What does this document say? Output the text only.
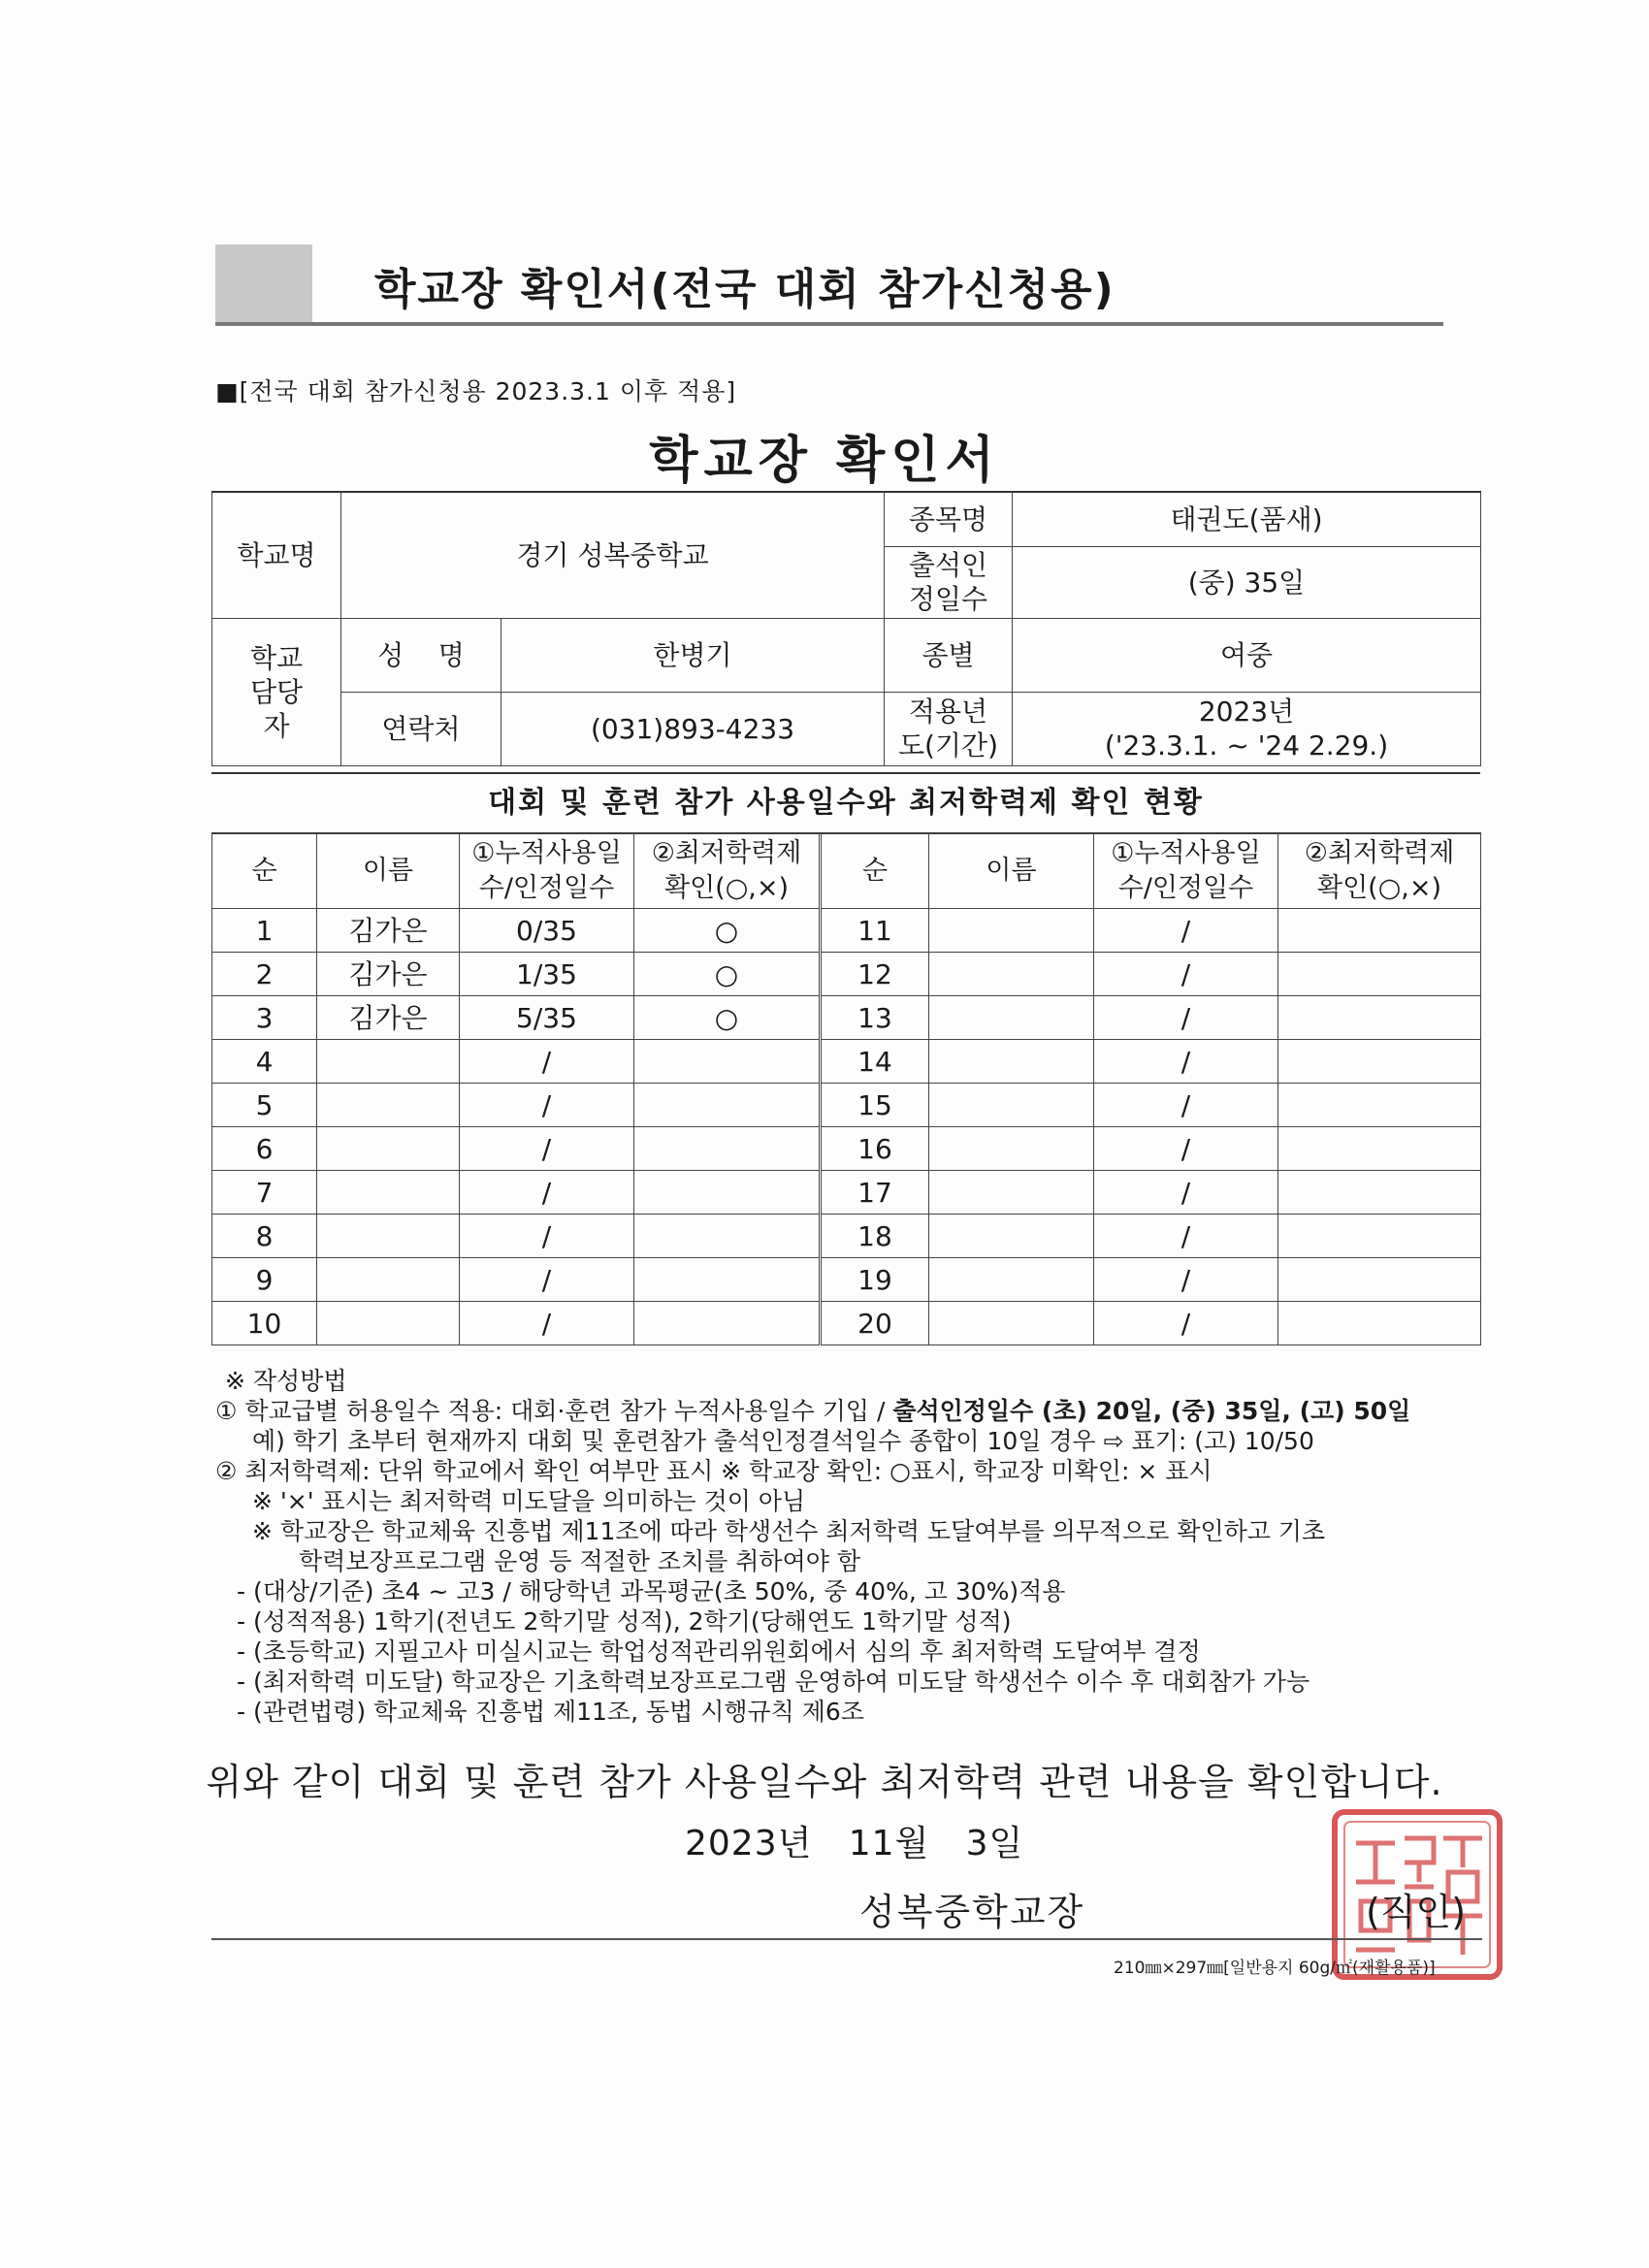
학교장 확인서(전국 대회 참가신청용)
■[전국 대회 참가신청용 2023.3.1 이후 적용]
학교장 확인서
학교명	경기 성복중학교		종목명	태권도(품새)
			출석인정일수	(중) 35일
학교담당자	성    명	한병기	종별	여중
	연락처	(031)893-4233	적용년도(기간)	2023년
('23.3.1. ~ '24 2.29.)
대회 및 훈련 참가 사용일수와 최저학력제 확인 현황
순	이름	①누적사용일수/인정일수	②최저학력제확인(○,×)	순	이름	①누적사용일수/인정일수	②최저학력제확인(○,×)
1	김가은	0/35	○	11		/	
2	김가은	1/35	○	12		/	
3	김가은	5/35	○	13		/	
4		/		14		/	
5		/		15		/	
6		/		16		/	
7		/		17		/	
8		/		18		/	
9		/		19		/	
10		/		20		/	
※ 작성방법
① 학교급별 허용일수 적용: 대회·훈련 참가 누적사용일수 기입 / 출석인정일수 (초) 20일, (중) 35일, (고) 50일
예) 학기 초부터 현재까지 대회 및 훈련참가 출석인정결석일수 종합이 10일 경우 ⇨ 표기: (고) 10/50
② 최저학력제: 단위 학교에서 확인 여부만 표시 ※ 학교장 확인: ○표시, 학교장 미확인: × 표시
※ '×' 표시는 최저학력 미도달을 의미하는 것이 아님
※ 학교장은 학교체육 진흥법 제11조에 따라 학생선수 최저학력 도달여부를 의무적으로 확인하고 기초
학력보장프로그램 운영 등 적절한 조치를 취하여야 함
- (대상/기준) 초4 ~ 고3 / 해당학년 과목평균(초 50%, 중 40%, 고 30%)적용
- (성적적용) 1학기(전년도 2학기말 성적), 2학기(당해연도 1학기말 성적)
- (초등학교) 지필고사 미실시교는 학업성적관리위원회에서 심의 후 최저학력 도달여부 결정
- (최저학력 미도달) 학교장은 기초학력보장프로그램 운영하여 미도달 학생선수 이수 후 대회참가 가능
- (관련법령) 학교체육 진흥법 제11조, 동법 시행규칙 제6조
위와 같이 대회 및 훈련 참가 사용일수와 최저학력 관련 내용을 확인합니다.
2023년   11월   3일
성복중학교장	(직인)
210㎜×297㎜[일반용지 60g/㎡(재활용품)]
